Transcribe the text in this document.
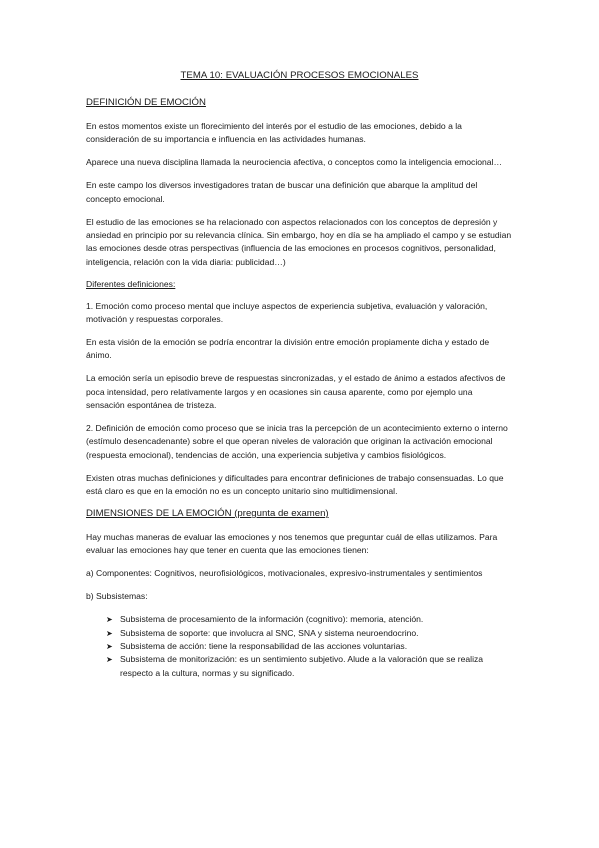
TEMA 10: EVALUACIÓN PROCESOS EMOCIONALES
DEFINICIÓN DE EMOCIÓN

En estos momentos existe un florecimiento del interés por el estudio de las emociones, debido a la consideración de su importancia e influencia en las actividades humanas.

Aparece una nueva disciplina llamada la neurociencia afectiva, o conceptos como la inteligencia emocional…

En este campo los diversos investigadores tratan de buscar una definición que abarque la amplitud del concepto emocional.

El estudio de las emociones se ha relacionado con aspectos relacionados con los conceptos de depresión y ansiedad en principio por su relevancia clínica. Sin embargo, hoy en día se ha ampliado el campo y se estudian las emociones desde otras perspectivas (influencia de las emociones en procesos cognitivos, personalidad, inteligencia, relación con la vida diaria: publicidad…)

Diferentes definiciones:

1. Emoción como proceso mental que incluye aspectos de experiencia subjetiva, evaluación y valoración, motivación y respuestas corporales.

En esta visión de la emoción se podría encontrar la división entre emoción propiamente dicha y estado de ánimo.

La emoción sería un episodio breve de respuestas sincronizadas, y el estado de ánimo a estados afectivos de poca intensidad, pero relativamente largos y en ocasiones sin causa aparente, como por ejemplo una sensación espontánea de tristeza.

2. Definición de emoción como proceso que se inicia tras la percepción de un acontecimiento externo o interno (estímulo desencadenante) sobre el que operan niveles de valoración que originan la activación emocional (respuesta emocional), tendencias de acción, una experiencia subjetiva y cambios fisiológicos.

Existen otras muchas definiciones y dificultades para encontrar definiciones de trabajo consensuadas. Lo que está claro es que en la emoción no es un concepto unitario sino multidimensional.

DIMENSIONES DE LA EMOCIÓN (pregunta de examen)

Hay muchas maneras de evaluar las emociones y nos tenemos que preguntar cuál de ellas utilizamos. Para evaluar las emociones hay que tener en cuenta que las emociones tienen:

a) Componentes: Cognitivos, neurofisiológicos, motivacionales, expresivo-instrumentales y sentimientos

b) Subsistemas:

➤ Subsistema de procesamiento de la información (cognitivo): memoria, atención.
➤ Subsistema de soporte: que involucra al SNC, SNA y sistema neuroendocrino.
➤ Subsistema de acción: tiene la responsabilidad de las acciones voluntarias.
➤ Subsistema de monitorización: es un sentimiento subjetivo. Alude a la valoración que se realiza respecto a la cultura, normas y su significado.
